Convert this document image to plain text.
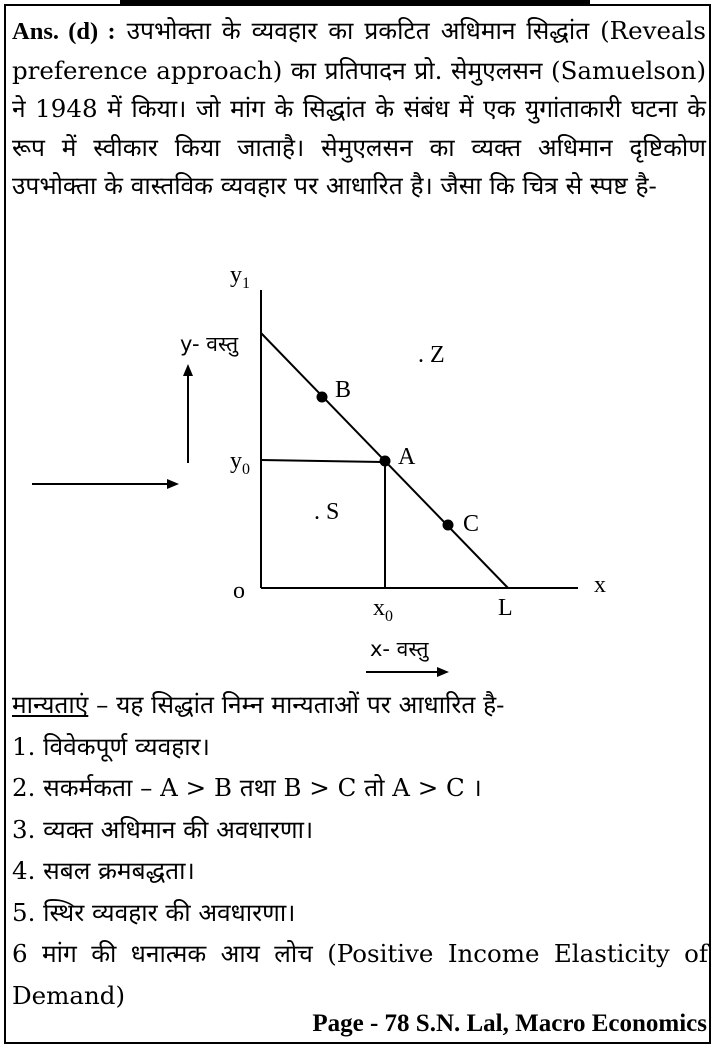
Ans. (d) : उपभोक्ता के व्यवहार का प्रकटित अधिमान सिद्धांत (Reveals preference approach) का प्रतिपादन प्रो. सेमुएलसन (Samuelson) ने 1948 में किया। जो मांग के सिद्धांत के संबंध में एक युगांताकारी घटना के रूप में स्वीकार किया जाताहै। सेमुएलसन का व्यक्त अधिमान दृष्टिकोण उपभोक्ता के वास्तविक व्यवहार पर आधारित है। जैसा कि चित्र से स्पष्ट है-
$y_1$
y- वस्तु
$y_0$
o	x
$x_0$	L
x- वस्तु
A
B
C
. S
. Z
मान्यताएं – यह सिद्धांत निम्न मान्यताओं पर आधारित है-
1. विवेकपूर्ण व्यवहार।
2. सकर्मकता – A > B तथा B > C तो A > C ।
3. व्यक्त अधिमान की अवधारणा।
4. सबल क्रमबद्धता।
5. स्थिर व्यवहार की अवधारणा।
6 मांग की धनात्मक आय लोच (Positive Income Elasticity of Demand)
Page - 78 S.N. Lal, Macro Economics
